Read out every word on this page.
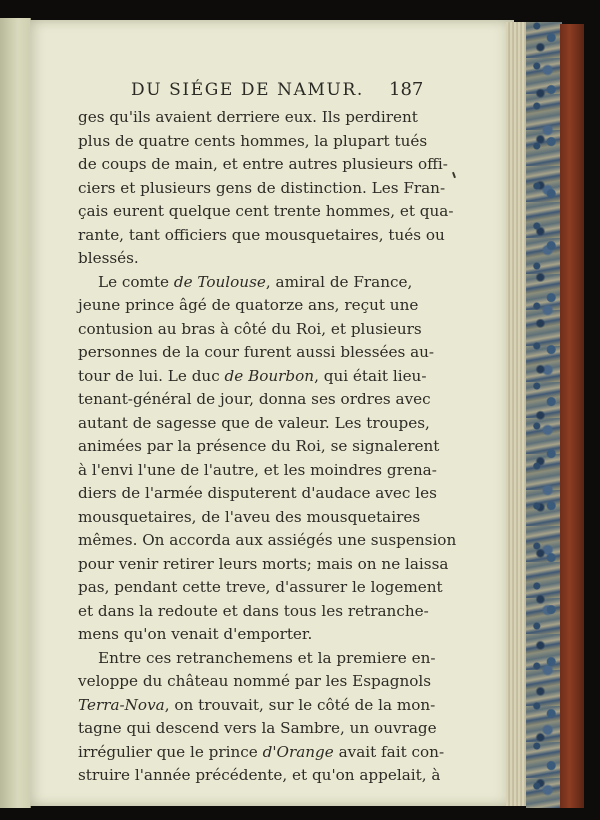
DU SIÉGE DE NAMUR.	187
ges qu'ils avaient derriere eux. Ils perdirent
plus de quatre cents hommes, la plupart tués
de coups de main, et entre autres plusieurs offi-
ciers et plusieurs gens de distinction. Les Fran-
çais eurent quelque cent trente hommes, et qua-
rante, tant officiers que mousquetaires, tués ou
blessés.
Le comte de Toulouse, amiral de France,
jeune prince âgé de quatorze ans, reçut une
contusion au bras à côté du Roi, et plusieurs
personnes de la cour furent aussi blessées au-
tour de lui. Le duc de Bourbon, qui était lieu-
tenant-général de jour, donna ses ordres avec
autant de sagesse que de valeur. Les troupes,
animées par la présence du Roi, se signalerent
à l'envi l'une de l'autre, et les moindres grena-
diers de l'armée disputerent d'audace avec les
mousquetaires, de l'aveu des mousquetaires
mêmes. On accorda aux assiégés une suspension
pour venir retirer leurs morts; mais on ne laissa
pas, pendant cette treve, d'assurer le logement
et dans la redoute et dans tous les retranche-
mens qu'on venait d'emporter.
Entre ces retranchemens et la premiere en-
veloppe du château nommé par les Espagnols
Terra-Nova, on trouvait, sur le côté de la mon-
tagne qui descend vers la Sambre, un ouvrage
irrégulier que le prince d'Orange avait fait con-
struire l'année précédente, et qu'on appelait, à
